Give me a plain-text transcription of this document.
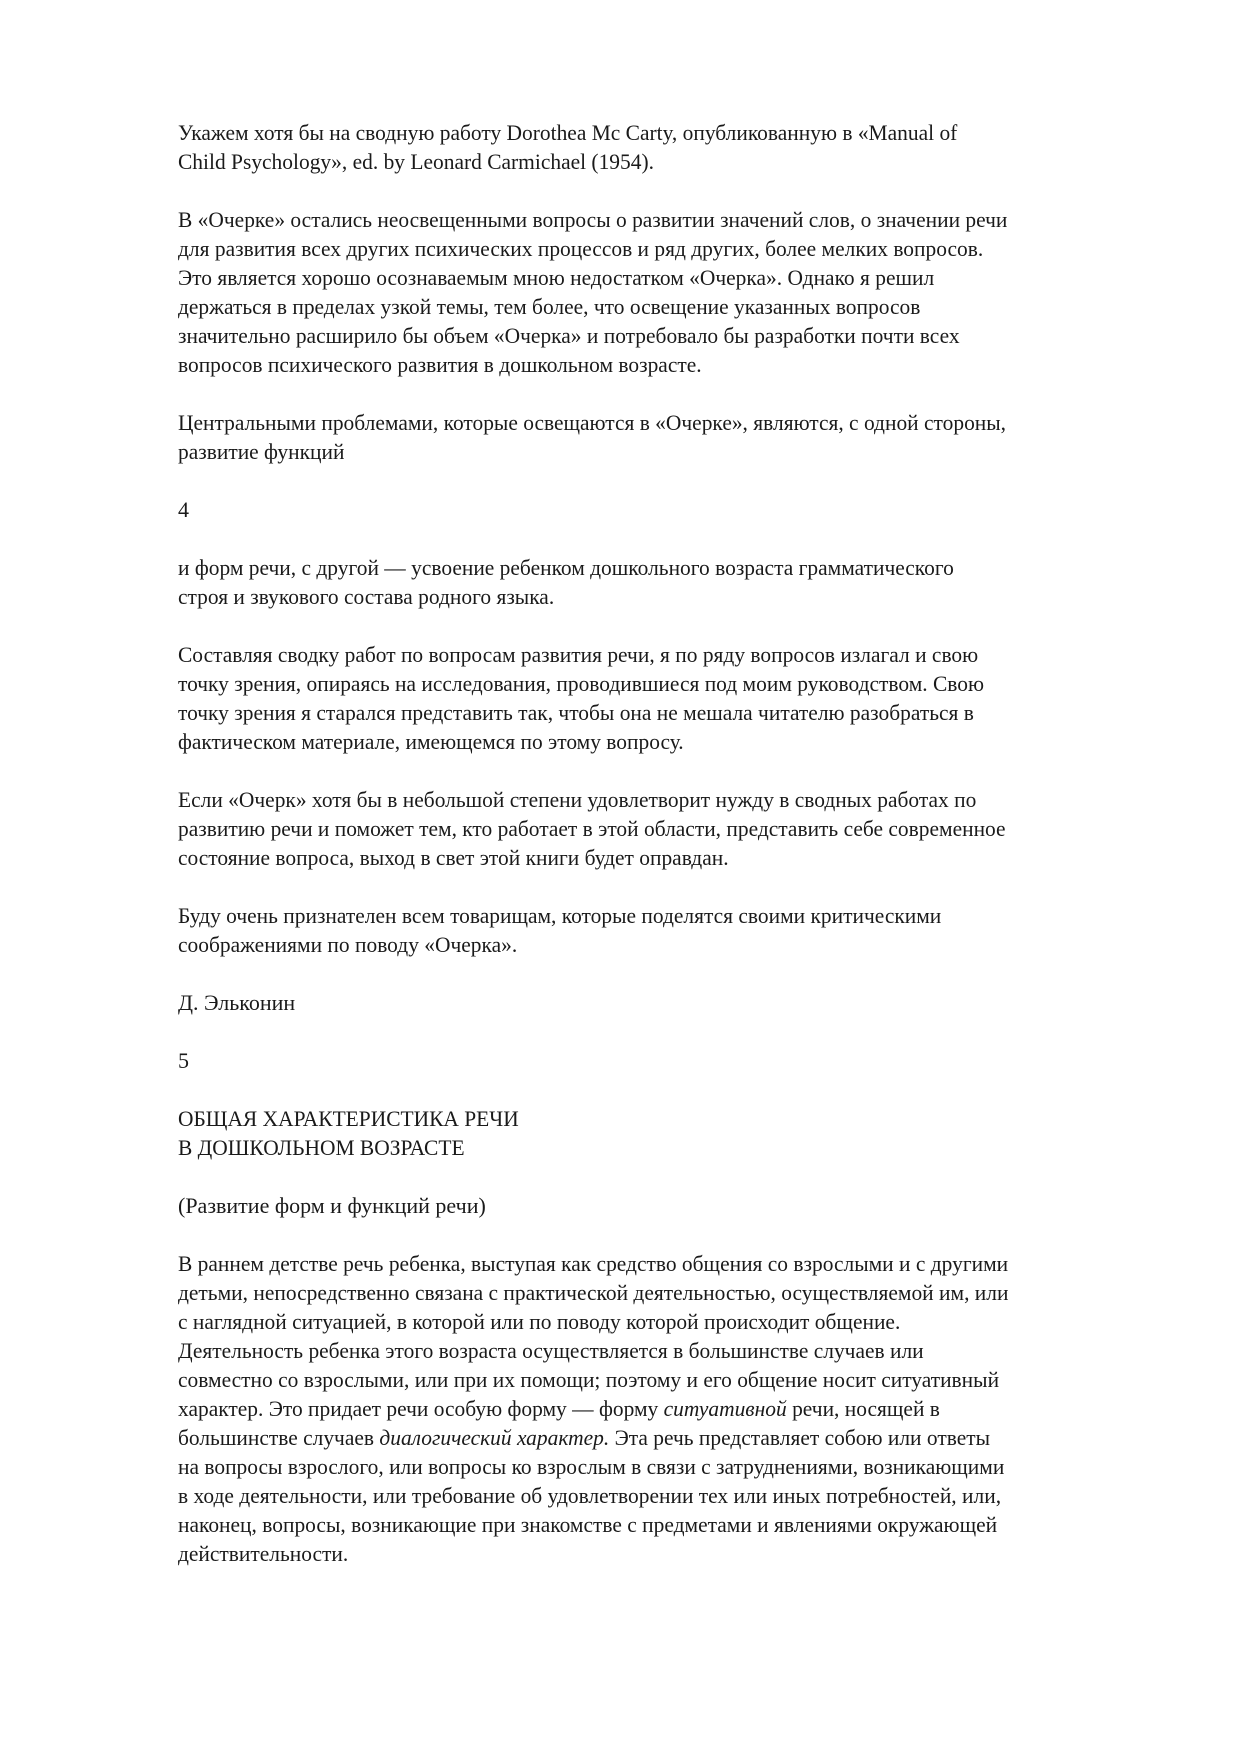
Укажем хотя бы на сводную работу Dorothea Mc Carty, опубликованную в «Manual of
Child Psychology», ed. by Leonard Carmichael (1954).

В «Очерке» остались неосвещенными вопросы о развитии значений слов, о значении речи
для развития всех других психических процессов и ряд других, более мелких вопросов.
Это является хорошо осознаваемым мною недостатком «Очерка». Однако я решил
держаться в пределах узкой темы, тем более, что освещение указанных вопросов
значительно расширило бы объем «Очерка» и потребовало бы разработки почти всех
вопросов психического развития в дошкольном возрасте.

Центральными проблемами, которые освещаются в «Очерке», являются, с одной стороны,
развитие функций

4

и форм речи, с другой — усвоение ребенком дошкольного возраста грамматического
строя и звукового состава родного языка.

Составляя сводку работ по вопросам развития речи, я по ряду вопросов излагал и свою
точку зрения, опираясь на исследования, проводившиеся под моим руководством. Свою
точку зрения я старался представить так, чтобы она не мешала читателю разобраться в
фактическом материале, имеющемся по этому вопросу.

Если «Очерк» хотя бы в небольшой степени удовлетворит нужду в сводных работах по
развитию речи и поможет тем, кто работает в этой области, представить себе современное
состояние вопроса, выход в свет этой книги будет оправдан.

Буду очень признателен всем товарищам, которые поделятся своими критическими
соображениями по поводу «Очерка».

Д. Эльконин

5

ОБЩАЯ ХАРАКТЕРИСТИКА РЕЧИ
В ДОШКОЛЬНОМ ВОЗРАСТЕ

(Развитие форм и функций речи)

В раннем детстве речь ребенка, выступая как средство общения со взрослыми и с другими
детьми, непосредственно связана с практической деятельностью, осуществляемой им, или
с наглядной ситуацией, в которой или по поводу которой происходит общение.
Деятельность ребенка этого возраста осуществляется в большинстве случаев или
совместно со взрослыми, или при их помощи; поэтому и его общение носит ситуативный
характер. Это придает речи особую форму — форму ситуативной речи, носящей в
большинстве случаев диалогический характер. Эта речь представляет собою или ответы
на вопросы взрослого, или вопросы ко взрослым в связи с затруднениями, возникающими
в ходе деятельности, или требование об удовлетворении тех или иных потребностей, или,
наконец, вопросы, возникающие при знакомстве с предметами и явлениями окружающей
действительности.
